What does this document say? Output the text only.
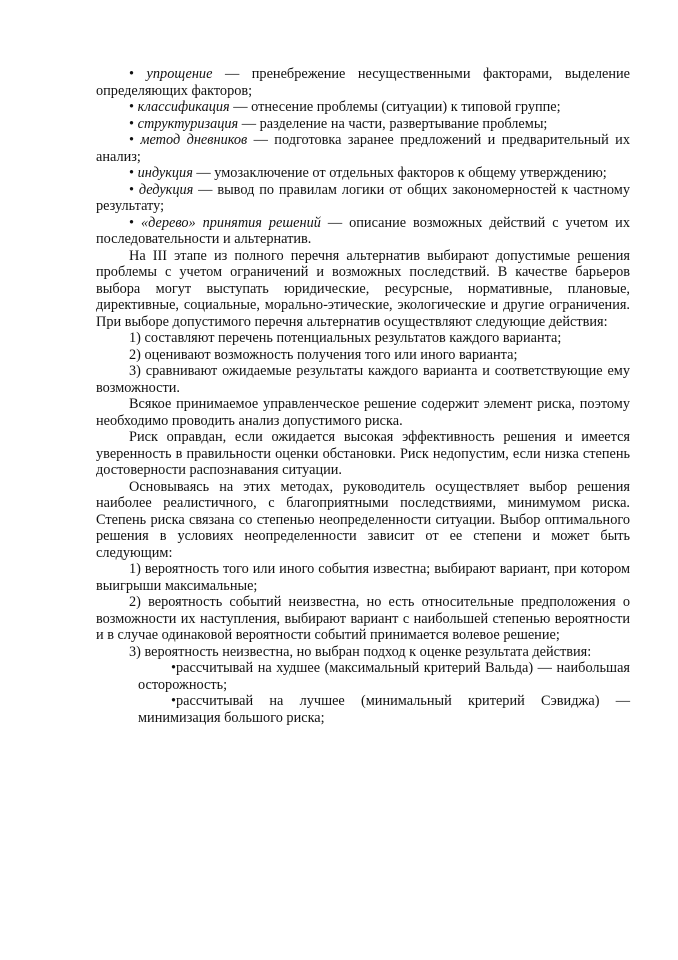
• упрощение — пренебрежение несущественными факторами, выделение определяющих факторов;

• классификация — отнесение проблемы (ситуации) к типовой группе;

• структуризация — разделение на части, развертывание проблемы;

• метод дневников — подготовка заранее предложений и предварительный их анализ;

• индукция — умозаключение от отдельных факторов к общему утверждению;

• дедукция — вывод по правилам логики от общих закономерностей к частному результату;

• «дерево» принятия решений — описание возможных действий с учетом их последовательности и альтернатив.

На III этапе из полного перечня альтернатив выбирают допустимые решения проблемы с учетом ограничений и возможных последствий. В качестве барьеров выбора могут выступать юридические, ресурсные, нормативные, плановые, директивные, социальные, морально-этические, экологические и другие ограничения. При выборе допустимого перечня альтернатив осуществляют следующие действия:

1) составляют перечень потенциальных результатов каждого варианта;

2) оценивают возможность получения того или иного варианта;

3) сравнивают ожидаемые результаты каждого варианта и соответствующие ему возможности.

Всякое принимаемое управленческое решение содержит элемент риска, поэтому необходимо проводить анализ допустимого риска.

Риск оправдан, если ожидается высокая эффективность решения и имеется уверенность в правильности оценки обстановки. Риск недопустим, если низка степень достоверности распознавания ситуации.

Основываясь на этих методах, руководитель осуществляет выбор решения наиболее реалистичного, с благоприятными последствиями, минимумом риска. Степень риска связана со степенью неопределенности ситуации. Выбор оптимального решения в условиях неопределенности зависит от ее степени и может быть следующим:

1) вероятность того или иного события известна; выбирают вариант, при котором выигрыши максимальные;

2) вероятность событий неизвестна, но есть относительные предположения о возможности их наступления, выбирают вариант с наибольшей степенью вероятности и в случае одинаковой вероятности событий принимается волевое решение;

3) вероятность неизвестна, но выбран подход к оценке результата действия:

•рассчитывай на худшее (максимальный критерий Вальда) — наибольшая осторожность;

•рассчитывай на лучшее (минимальный критерий Сэвиджа) — минимизация большого риска;
